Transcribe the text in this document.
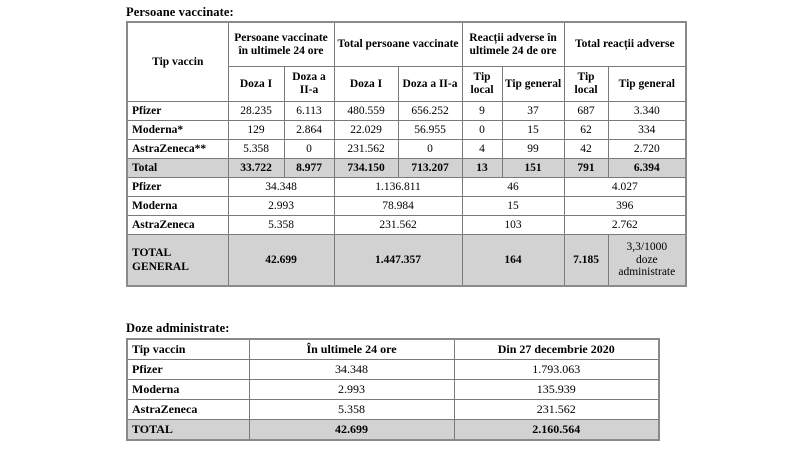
Persoane vaccinate:
Tip vaccin	Persoane vaccinate în ultimele 24 ore		Total persoane vaccinate		Reacții adverse în ultimele 24 de ore		Total reacții adverse	
	Doza I	Doza a II-a	Doza I	Doza a II-a	Tip local	Tip general	Tip local	Tip general
Pfizer	28.235	6.113	480.559	656.252	9	37	687	3.340
Moderna*	129	2.864	22.029	56.955	0	15	62	334
AstraZeneca**	5.358	0	231.562	0	4	99	42	2.720
Total	33.722	8.977	734.150	713.207	13	151	791	6.394
Pfizer	34.348		1.136.811		46		4.027	
Moderna	2.993		78.984		15		396	
AstraZeneca	5.358		231.562		103		2.762	
TOTAL
GENERAL	42.699		1.447.357		164		7.185	3,3/1000
doze
administrate
Doze administrate:
Tip vaccin	În ultimele 24 ore	Din 27 decembrie 2020
Pfizer	34.348	1.793.063
Moderna	2.993	135.939
AstraZeneca	5.358	231.562
TOTAL	42.699	2.160.564
